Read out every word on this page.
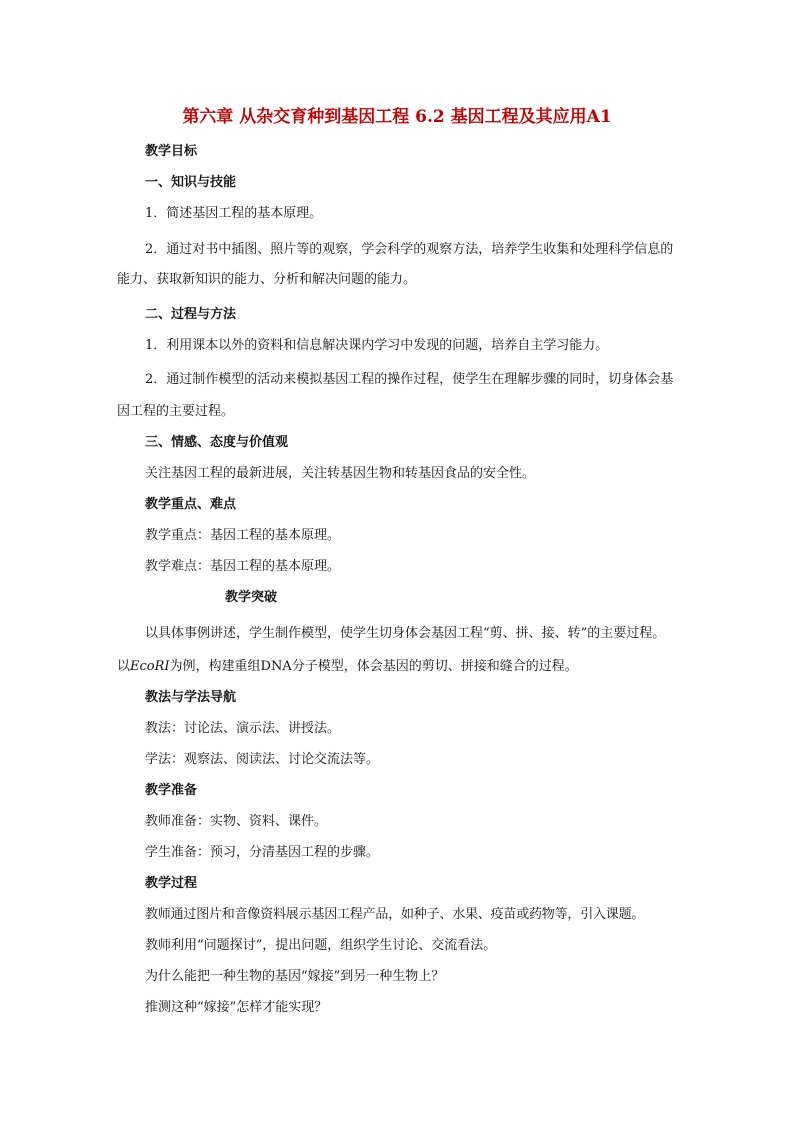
第六章 从杂交育种到基因工程 6.2 基因工程及其应用A1

教学目标

一、知识与技能

1．简述基因工程的基本原理。

2．通过对书中插图、照片等的观察，学会科学的观察方法，培养学生收集和处理科学信息的能力、获取新知识的能力、分析和解决问题的能力。

二、过程与方法

1．利用课本以外的资料和信息解决课内学习中发现的问题，培养自主学习能力。

2．通过制作模型的活动来模拟基因工程的操作过程，使学生在理解步骤的同时，切身体会基因工程的主要过程。

三、情感、态度与价值观

关注基因工程的最新进展，关注转基因生物和转基因食品的安全性。

教学重点、难点

教学重点：基因工程的基本原理。

教学难点：基因工程的基本原理。

教学突破

以具体事例讲述，学生制作模型，使学生切身体会基因工程“剪、拼、接、转”的主要过程。以EcoRI为例，构建重组DNA分子模型，体会基因的剪切、拼接和缝合的过程。

教法与学法导航

教法：讨论法、演示法、讲授法。

学法：观察法、阅读法、讨论交流法等。

教学准备

教师准备：实物、资料、课件。

学生准备：预习，分清基因工程的步骤。

教学过程

教师通过图片和音像资料展示基因工程产品，如种子、水果、疫苗或药物等，引入课题。

教师利用“问题探讨”，提出问题，组织学生讨论、交流看法。

为什么能把一种生物的基因“嫁接”到另一种生物上？

推测这种“嫁接”怎样才能实现？
